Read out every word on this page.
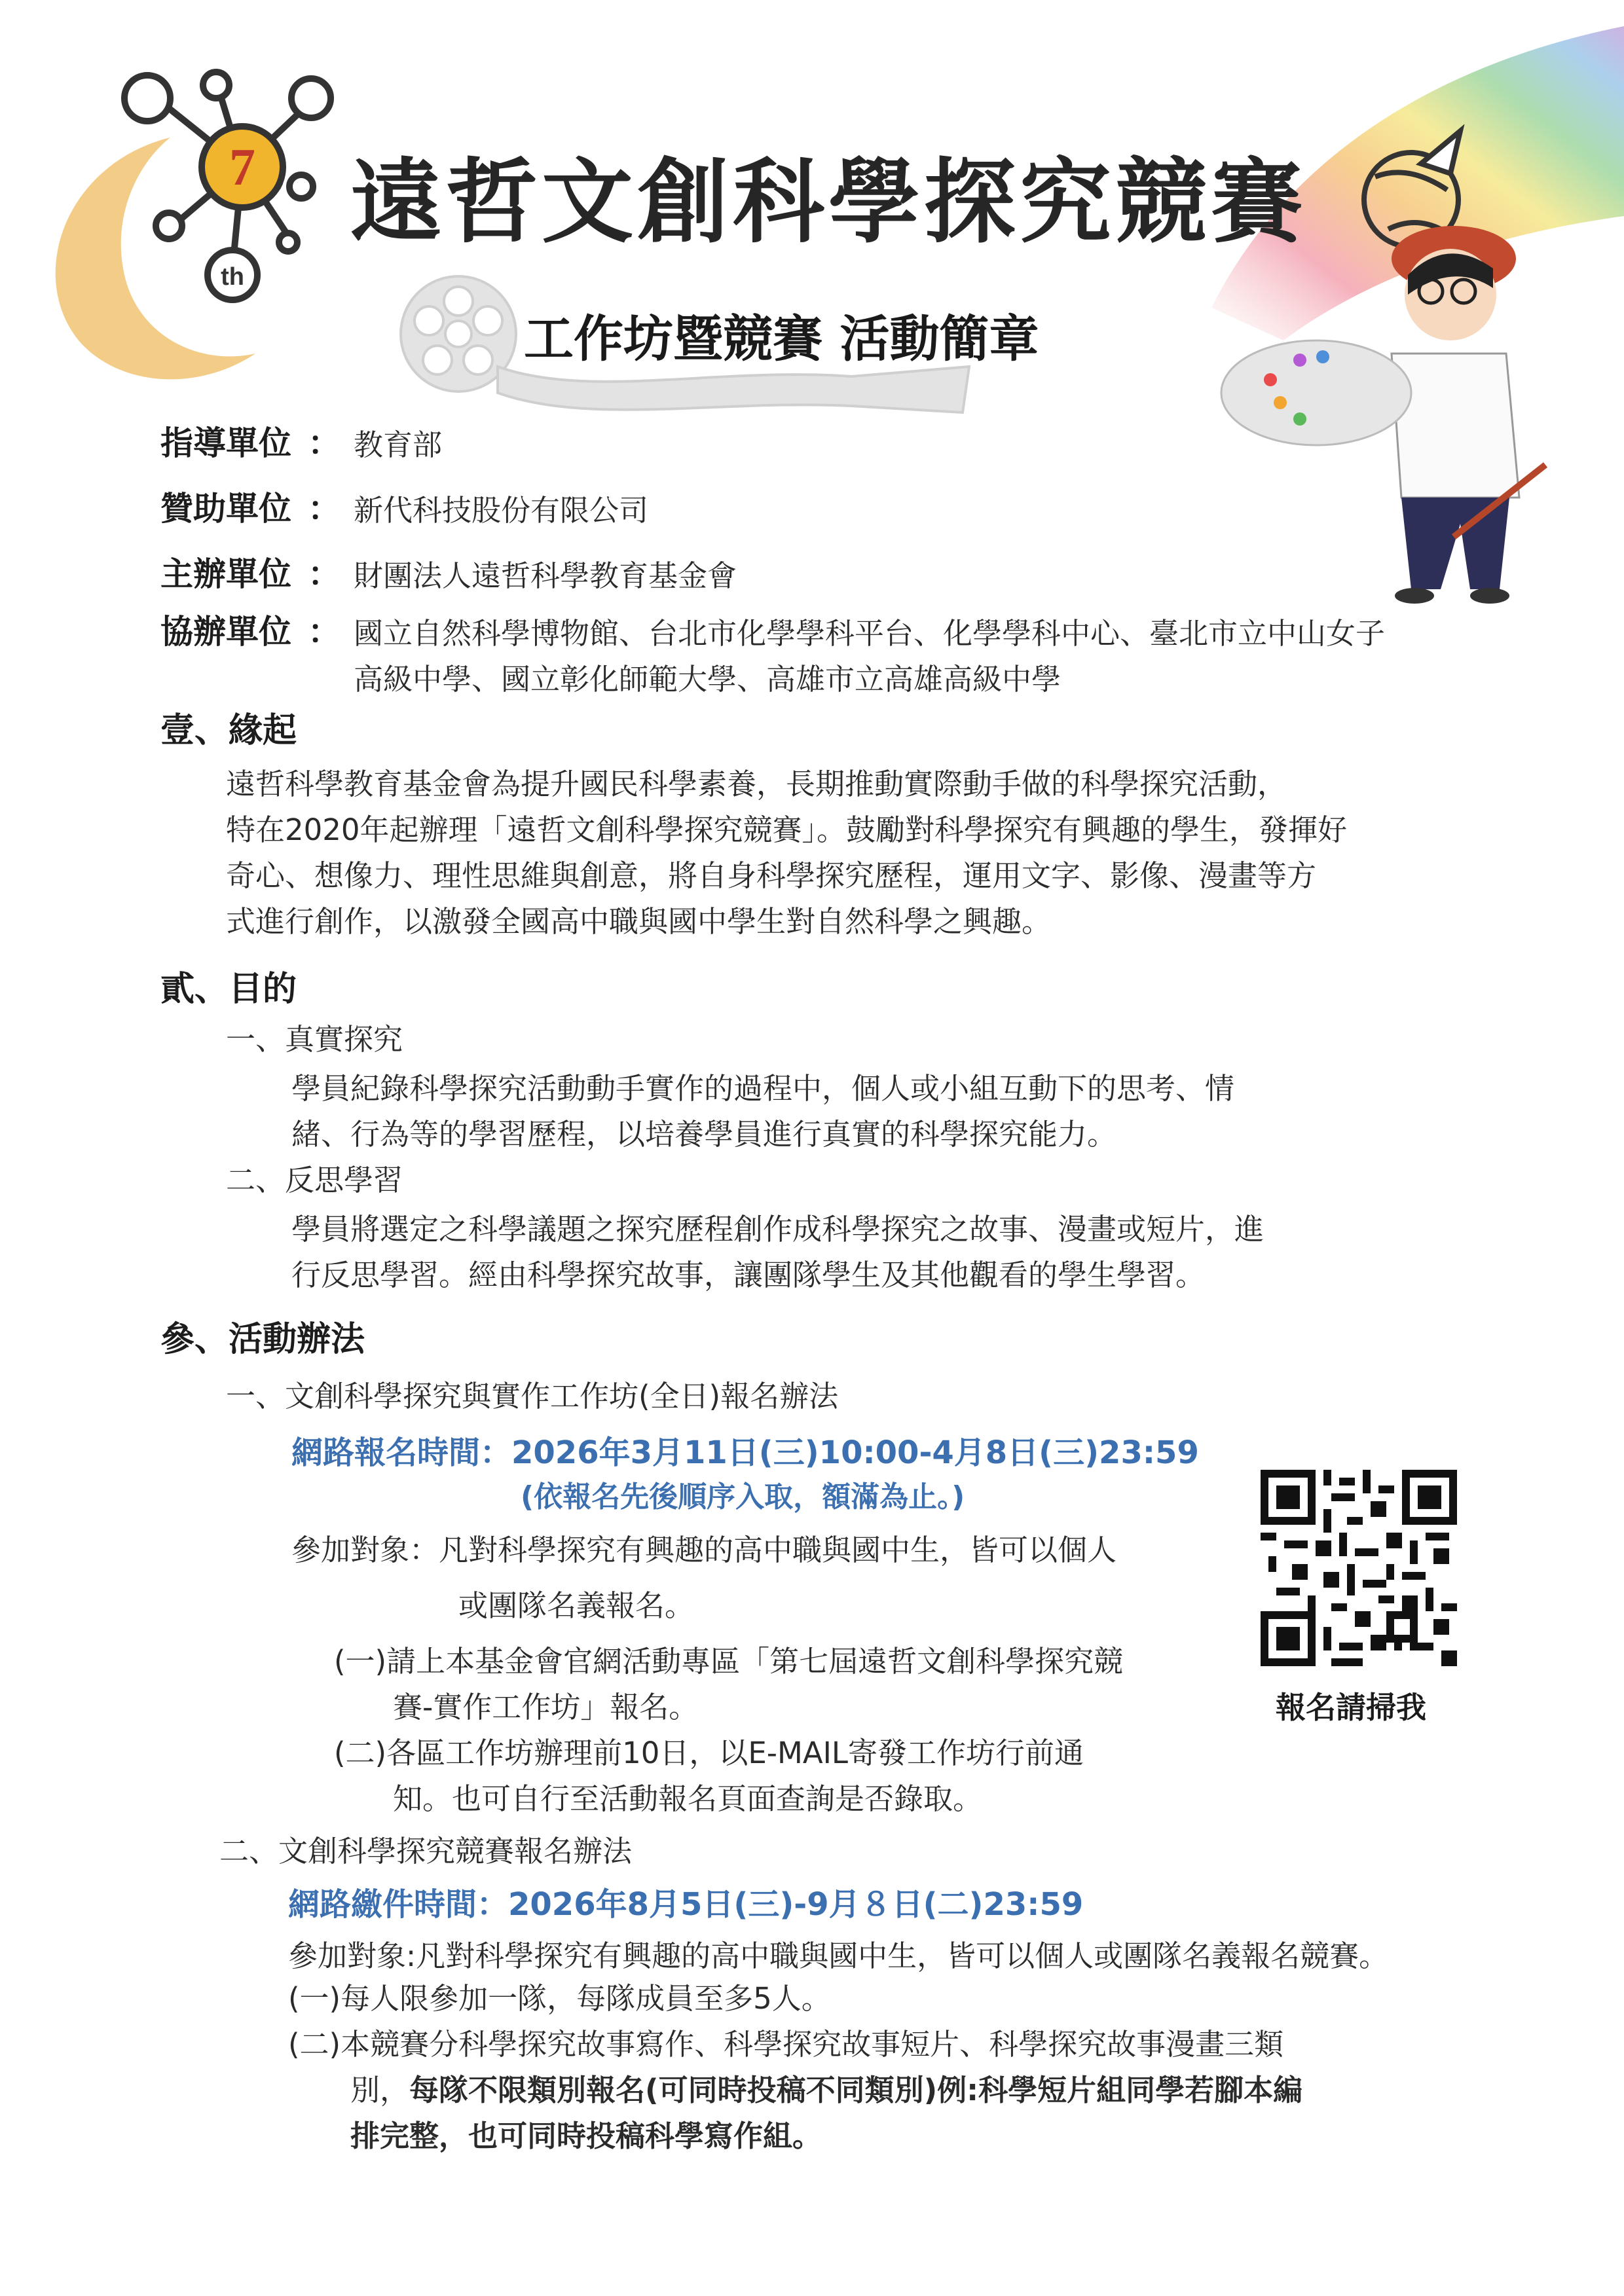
7
th
遠哲文創科學探究競賽
工作坊暨競賽 活動簡章
指導單位 ： 教育部
贊助單位 ： 新代科技股份有限公司
主辦單位 ： 財團法人遠哲科學教育基金會
協辦單位 ： 國立自然科學博物館、台北市化學學科平台、化學學科中心、臺北市立中山女子
高級中學、國立彰化師範大學、高雄市立高雄高級中學
壹、緣起
遠哲科學教育基金會為提升國民科學素養，長期推動實際動手做的科學探究活動，
特在2020年起辦理「遠哲文創科學探究競賽」。鼓勵對科學探究有興趣的學生，發揮好
奇心、想像力、理性思維與創意，將自身科學探究歷程，運用文字、影像、漫畫等方
式進行創作，以激發全國高中職與國中學生對自然科學之興趣。
貳、目的
一、真實探究
學員紀錄科學探究活動動手實作的過程中，個人或小組互動下的思考、情
緒、行為等的學習歷程，以培養學員進行真實的科學探究能力。
二、反思學習
學員將選定之科學議題之探究歷程創作成科學探究之故事、漫畫或短片，進
行反思學習。經由科學探究故事，讓團隊學生及其他觀看的學生學習。
參、活動辦法
一、文創科學探究與實作工作坊(全日)報名辦法
網路報名時間：2026年3月11日(三)10:00-4月8日(三)23:59
(依報名先後順序入取，額滿為止。)
參加對象：凡對科學探究有興趣的高中職與國中生，皆可以個人
或團隊名義報名。
(一)請上本基金會官網活動專區「第七屆遠哲文創科學探究競
賽-實作工作坊」報名。
(二)各區工作坊辦理前10日，以E-MAIL寄發工作坊行前通
知。也可自行至活動報名頁面查詢是否錄取。
報名請掃我
二、文創科學探究競賽報名辦法
網路繳件時間：2026年8月5日(三)-9月８日(二)23:59
參加對象:凡對科學探究有興趣的高中職與國中生，皆可以個人或團隊名義報名競賽。
(一)每人限參加一隊，每隊成員至多5人。
(二)本競賽分科學探究故事寫作、科學探究故事短片、科學探究故事漫畫三類
別，每隊不限類別報名(可同時投稿不同類別)例:科學短片組同學若腳本編
排完整，也可同時投稿科學寫作組。
